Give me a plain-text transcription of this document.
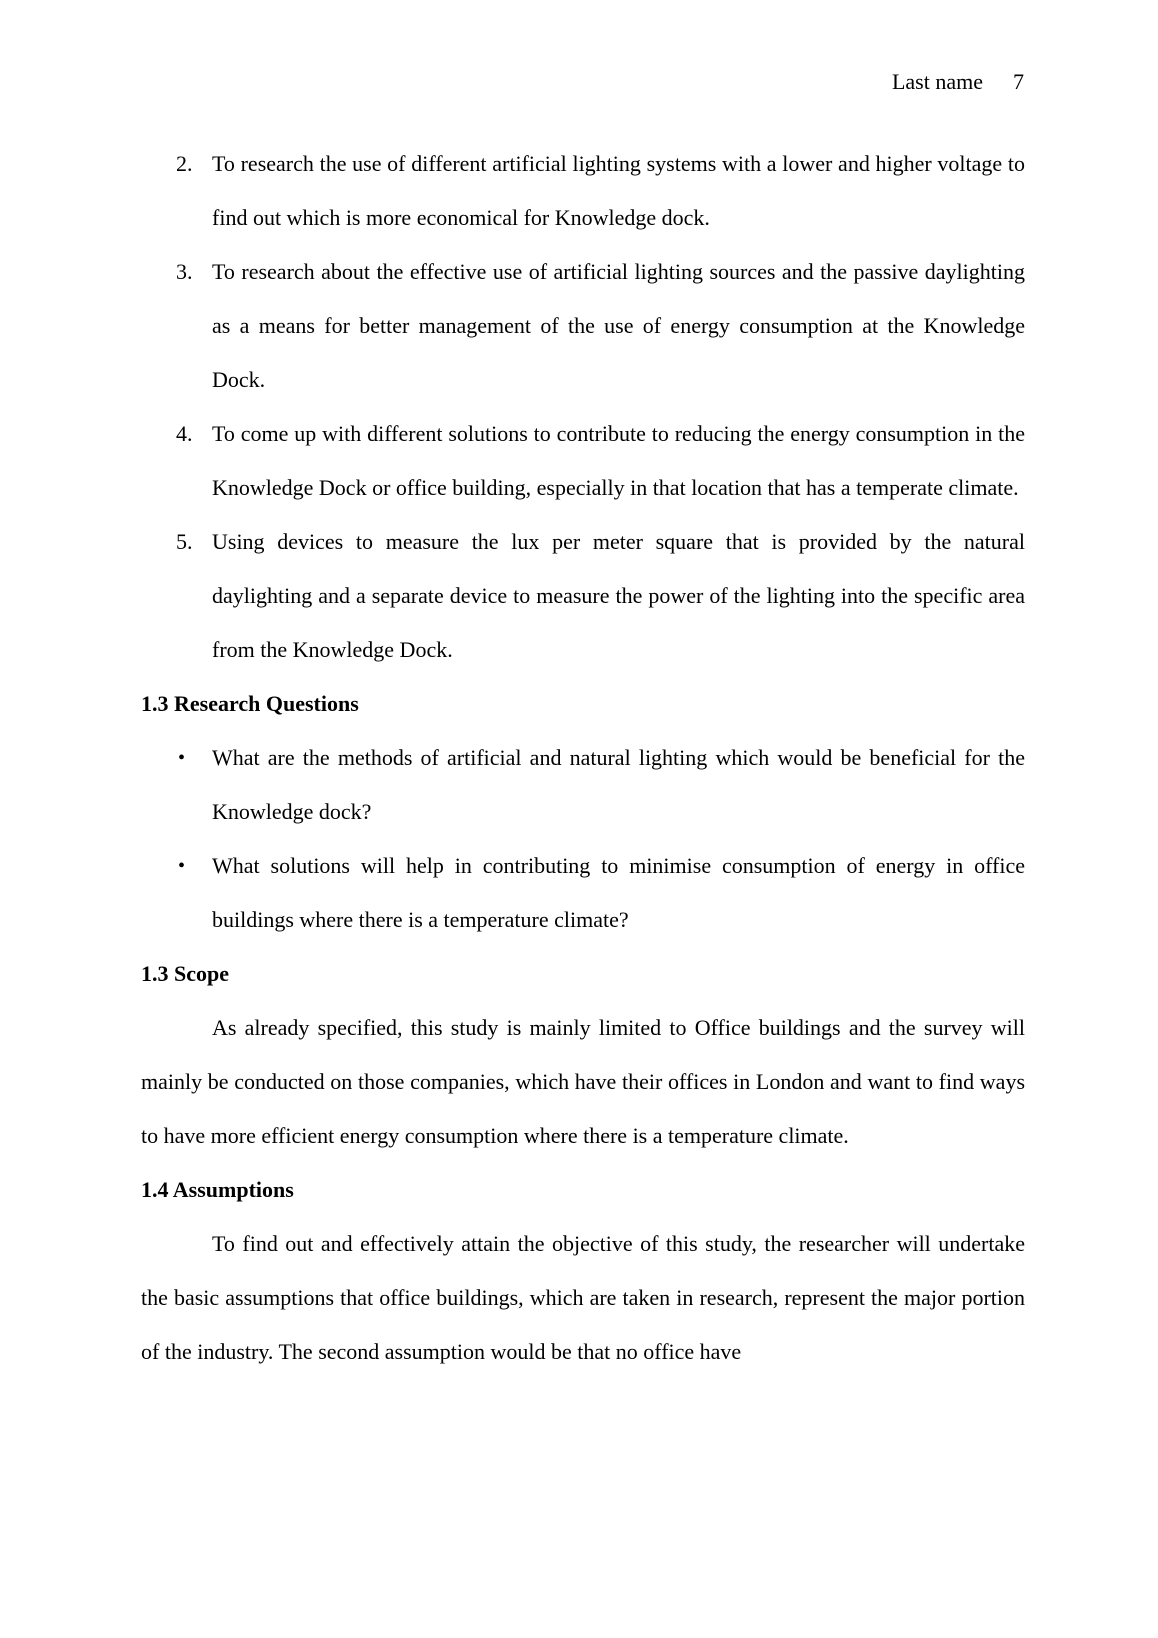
Last name 7
2. To research the use of different artificial lighting systems with a lower and higher voltage to find out which is more economical for Knowledge dock.
3. To research about the effective use of artificial lighting sources and the passive daylighting as a means for better management of the use of energy consumption at the Knowledge Dock.
4. To come up with different solutions to contribute to reducing the energy consumption in the Knowledge Dock or office building, especially in that location that has a temperate climate.
5. Using devices to measure the lux per meter square that is provided by the natural daylighting and a separate device to measure the power of the lighting into the specific area from the Knowledge Dock.
1.3 Research Questions
• What are the methods of artificial and natural lighting which would be beneficial for the Knowledge dock?
• What solutions will help in contributing to minimise consumption of energy in office buildings where there is a temperature climate?
1.3 Scope
As already specified, this study is mainly limited to Office buildings and the survey will mainly be conducted on those companies, which have their offices in London and want to find ways to have more efficient energy consumption where there is a temperature climate.
1.4 Assumptions
To find out and effectively attain the objective of this study, the researcher will undertake the basic assumptions that office buildings, which are taken in research, represent the major portion of the industry. The second assumption would be that no office have
